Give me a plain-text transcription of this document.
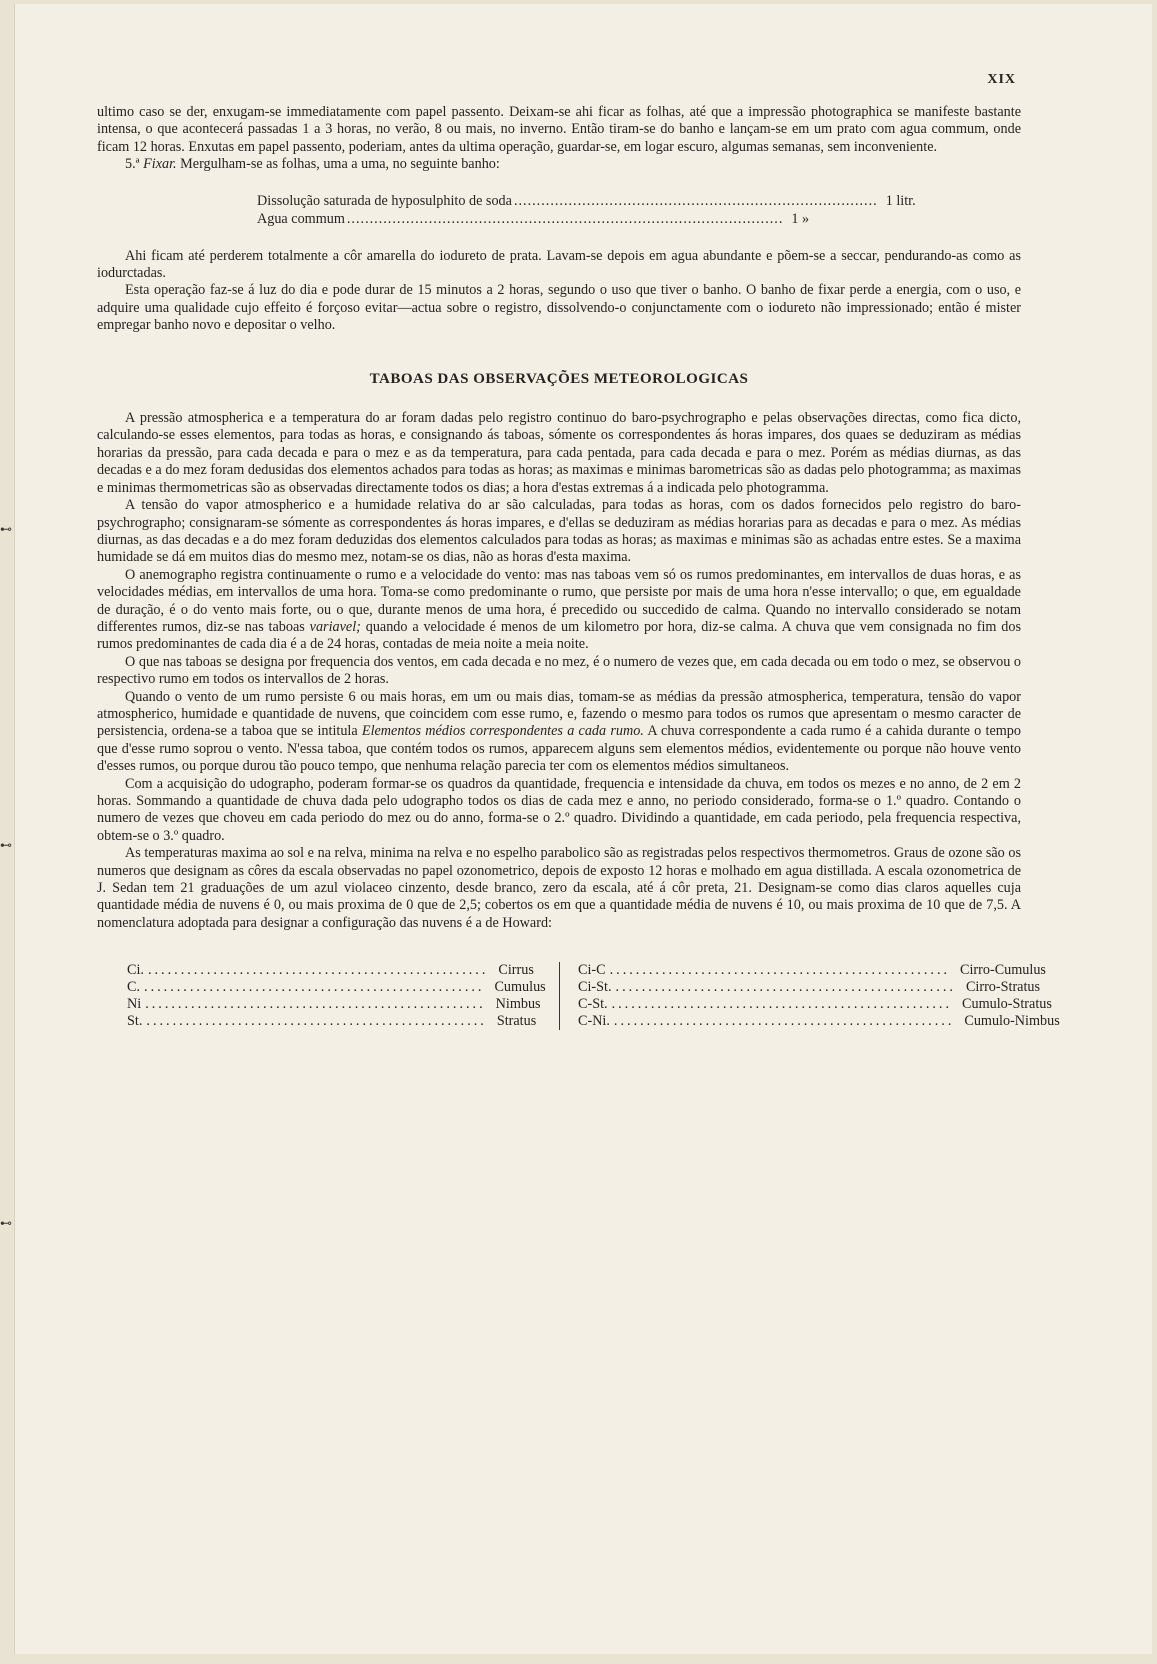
XIX

ultimo caso se der, enxugam-se immediatamente com papel passento. Deixam-se ahi ficar as folhas, até que a impressão photographica se manifeste bastante intensa, o que acontecerá passadas 1 a 3 horas, no verão, 8 ou mais, no inverno. Então tiram-se do banho e lançam-se em um prato com agua commum, onde ficam 12 horas. Enxutas em papel passento, poderiam, antes da ultima operação, guardar-se, em logar escuro, algumas semanas, sem inconveniente.

5.ª Fixar. Mergulham-se as folhas, uma a uma, no seguinte banho:

Dissolução saturada de hyposulphito de soda ................................................................................ 1 litr.
Agua commum ................................................................................................ 1 »

Ahi ficam até perderem totalmente a côr amarella do iodureto de prata. Lavam-se depois em agua abundante e põem-se a seccar, pendurando-as como as iodurctadas.

Esta operação faz-se á luz do dia e pode durar de 15 minutos a 2 horas, segundo o uso que tiver o banho. O banho de fixar perde a energia, com o uso, e adquire uma qualidade cujo effeito é forçoso evitar—actua sobre o registro, dissolvendo-o conjunctamente com o iodureto não impressionado; então é mister empregar banho novo e depositar o velho.

TABOAS DAS OBSERVAÇÕES METEOROLOGICAS

A pressão atmospherica e a temperatura do ar foram dadas pelo registro continuo do baro-psychrographo e pelas observações directas, como fica dicto, calculando-se esses elementos, para todas as horas, e consignando ás taboas, sómente os correspondentes ás horas impares, dos quaes se deduziram as médias horarias da pressão, para cada decada e para o mez e as da temperatura, para cada pentada, para cada decada e para o mez. Porém as médias diurnas, as das decadas e a do mez foram dedusidas dos elementos achados para todas as horas; as maximas e minimas barometricas são as dadas pelo photogramma; as maximas e minimas thermometricas são as observadas directamente todos os dias; a hora d'estas extremas á a indicada pelo photogramma.

A tensão do vapor atmospherico e a humidade relativa do ar são calculadas, para todas as horas, com os dados fornecidos pelo registro do baro-psychrographo; consignaram-se sómente as correspondentes ás horas impares, e d'ellas se deduziram as médias horarias para as decadas e para o mez. As médias diurnas, as das decadas e a do mez foram deduzidas dos elementos calculados para todas as horas; as maximas e minimas são as achadas entre estes. Se a maxima humidade se dá em muitos dias do mesmo mez, notam-se os dias, não as horas d'esta maxima.

O anemographo registra continuamente o rumo e a velocidade do vento: mas nas taboas vem só os rumos predominantes, em intervallos de duas horas, e as velocidades médias, em intervallos de uma hora. Toma-se como predominante o rumo, que persiste por mais de uma hora n'esse intervallo; o que, em egualdade de duração, é o do vento mais forte, ou o que, durante menos de uma hora, é precedido ou succedido de calma. Quando no intervallo considerado se notam differentes rumos, diz-se nas taboas variavel; quando a velocidade é menos de um kilometro por hora, diz-se calma. A chuva que vem consignada no fim dos rumos predominantes de cada dia é a de 24 horas, contadas de meia noite a meia noite.

O que nas taboas se designa por frequencia dos ventos, em cada decada e no mez, é o numero de vezes que, em cada decada ou em todo o mez, se observou o respectivo rumo em todos os intervallos de 2 horas.

Quando o vento de um rumo persiste 6 ou mais horas, em um ou mais dias, tomam-se as médias da pressão atmospherica, temperatura, tensão do vapor atmospherico, humidade e quantidade de nuvens, que coincidem com esse rumo, e, fazendo o mesmo para todos os rumos que apresentam o mesmo caracter de persistencia, ordena-se a taboa que se intitula Elementos médios correspondentes a cada rumo. A chuva correspondente a cada rumo é a cahida durante o tempo que d'esse rumo soprou o vento. N'essa taboa, que contém todos os rumos, apparecem alguns sem elementos médios, evidentemente ou porque não houve vento d'esses rumos, ou porque durou tão pouco tempo, que nenhuma relação parecia ter com os elementos médios simultaneos.

Com a acquisição do udographo, poderam formar-se os quadros da quantidade, frequencia e intensidade da chuva, em todos os mezes e no anno, de 2 em 2 horas. Sommando a quantidade de chuva dada pelo udographo todos os dias de cada mez e anno, no periodo considerado, forma-se o 1.º quadro. Contando o numero de vezes que choveu em cada periodo do mez ou do anno, forma-se o 2.º quadro. Dividindo a quantidade, em cada periodo, pela frequencia respectiva, obtem-se o 3.º quadro.

As temperaturas maxima ao sol e na relva, minima na relva e no espelho parabolico são as registradas pelos respectivos thermometros. Graus de ozone são os numeros que designam as côres da escala observadas no papel ozonometrico, depois de exposto 12 horas e molhado em agua distillada. A escala ozonometrica de J. Sedan tem 21 graduações de um azul violaceo cinzento, desde branco, zero da escala, até á côr preta, 21. Designam-se como dias claros aquelles cuja quantidade média de nuvens é 0, ou mais proxima de 0 que de 2,5; cobertos os em que a quantidade média de nuvens é 10, ou mais proxima de 10 que de 7,5. A nomenclatura adoptada para designar a configuração das nuvens é a de Howard:

Ci. .................................................... Cirrus
C. .................................................... Cumulus
Ni .................................................... Nimbus
St. .................................................... Stratus
Ci-C .................................................... Cirro-Cumulus
Ci-St. .................................................... Cirro-Stratus
C-St. .................................................... Cumulo-Stratus
C-Ni. .................................................... Cumulo-Nimbus
⊷
⊷
⊷
